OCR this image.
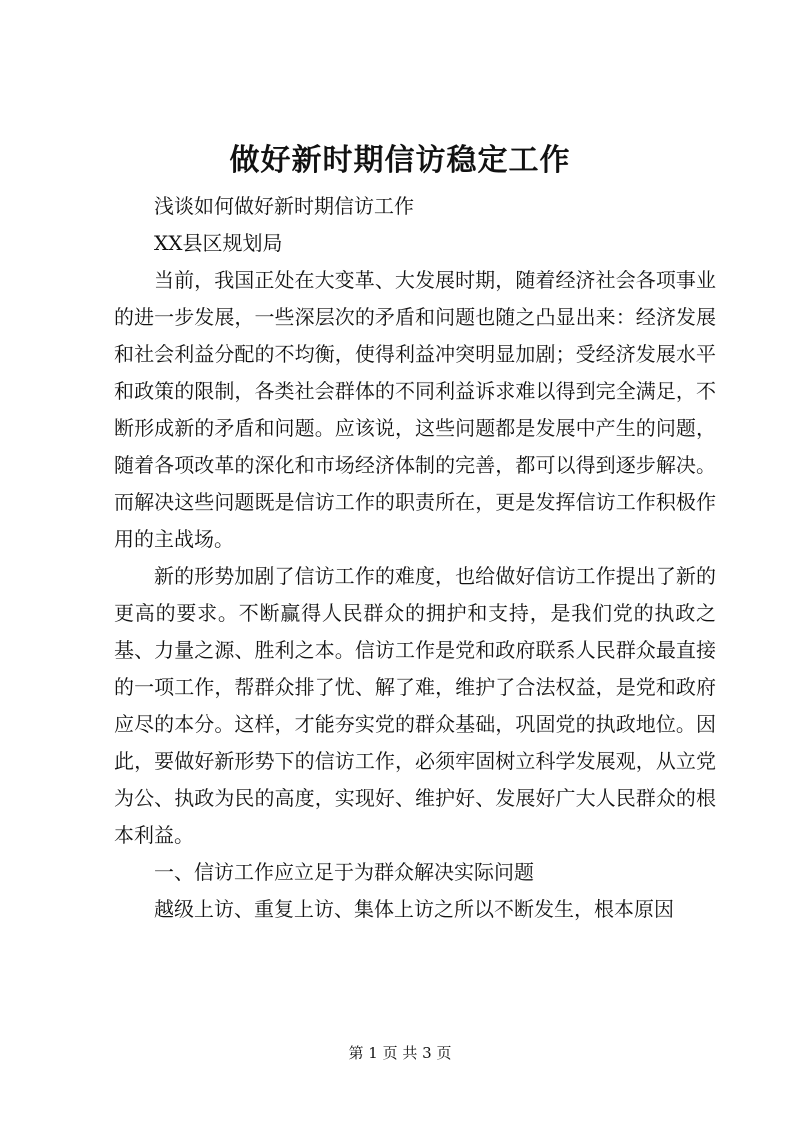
做好新时期信访稳定工作

浅谈如何做好新时期信访工作

XX县区规划局

当前，我国正处在大变革、大发展时期，随着经济社会各项事业的进一步发展，一些深层次的矛盾和问题也随之凸显出来：经济发展和社会利益分配的不均衡，使得利益冲突明显加剧；受经济发展水平和政策的限制，各类社会群体的不同利益诉求难以得到完全满足，不断形成新的矛盾和问题。应该说，这些问题都是发展中产生的问题，随着各项改革的深化和市场经济体制的完善，都可以得到逐步解决。而解决这些问题既是信访工作的职责所在，更是发挥信访工作积极作用的主战场。

新的形势加剧了信访工作的难度，也给做好信访工作提出了新的更高的要求。不断赢得人民群众的拥护和支持，是我们党的执政之基、力量之源、胜利之本。信访工作是党和政府联系人民群众最直接的一项工作，帮群众排了忧、解了难，维护了合法权益，是党和政府应尽的本分。这样，才能夯实党的群众基础，巩固党的执政地位。因此，要做好新形势下的信访工作，必须牢固树立科学发展观，从立党为公、执政为民的高度，实现好、维护好、发展好广大人民群众的根本利益。

一、信访工作应立足于为群众解决实际问题

越级上访、重复上访、集体上访之所以不断发生，根本原因

第 1 页 共 3 页
